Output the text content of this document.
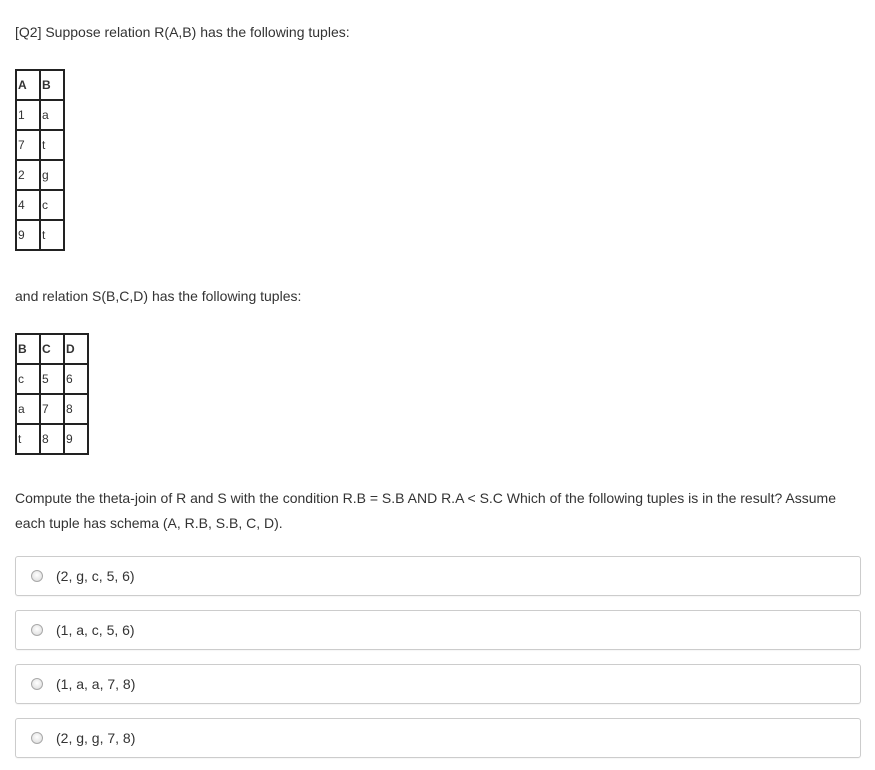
[Q2] Suppose relation R(A,B) has the following tuples:
A	B
1	a
7	t
2	g
4	c
9	t
and relation S(B,C,D) has the following tuples:
B	C	D
c	5	6
a	7	8
t	8	9
Compute the theta-join of R and S with the condition R.B = S.B AND R.A < S.C Which of the following tuples is in the result? Assume each tuple has schema (A, R.B, S.B, C, D).
(2, g, c, 5, 6)
(1, a, c, 5, 6)
(1, a, a, 7, 8)
(2, g, g, 7, 8)
